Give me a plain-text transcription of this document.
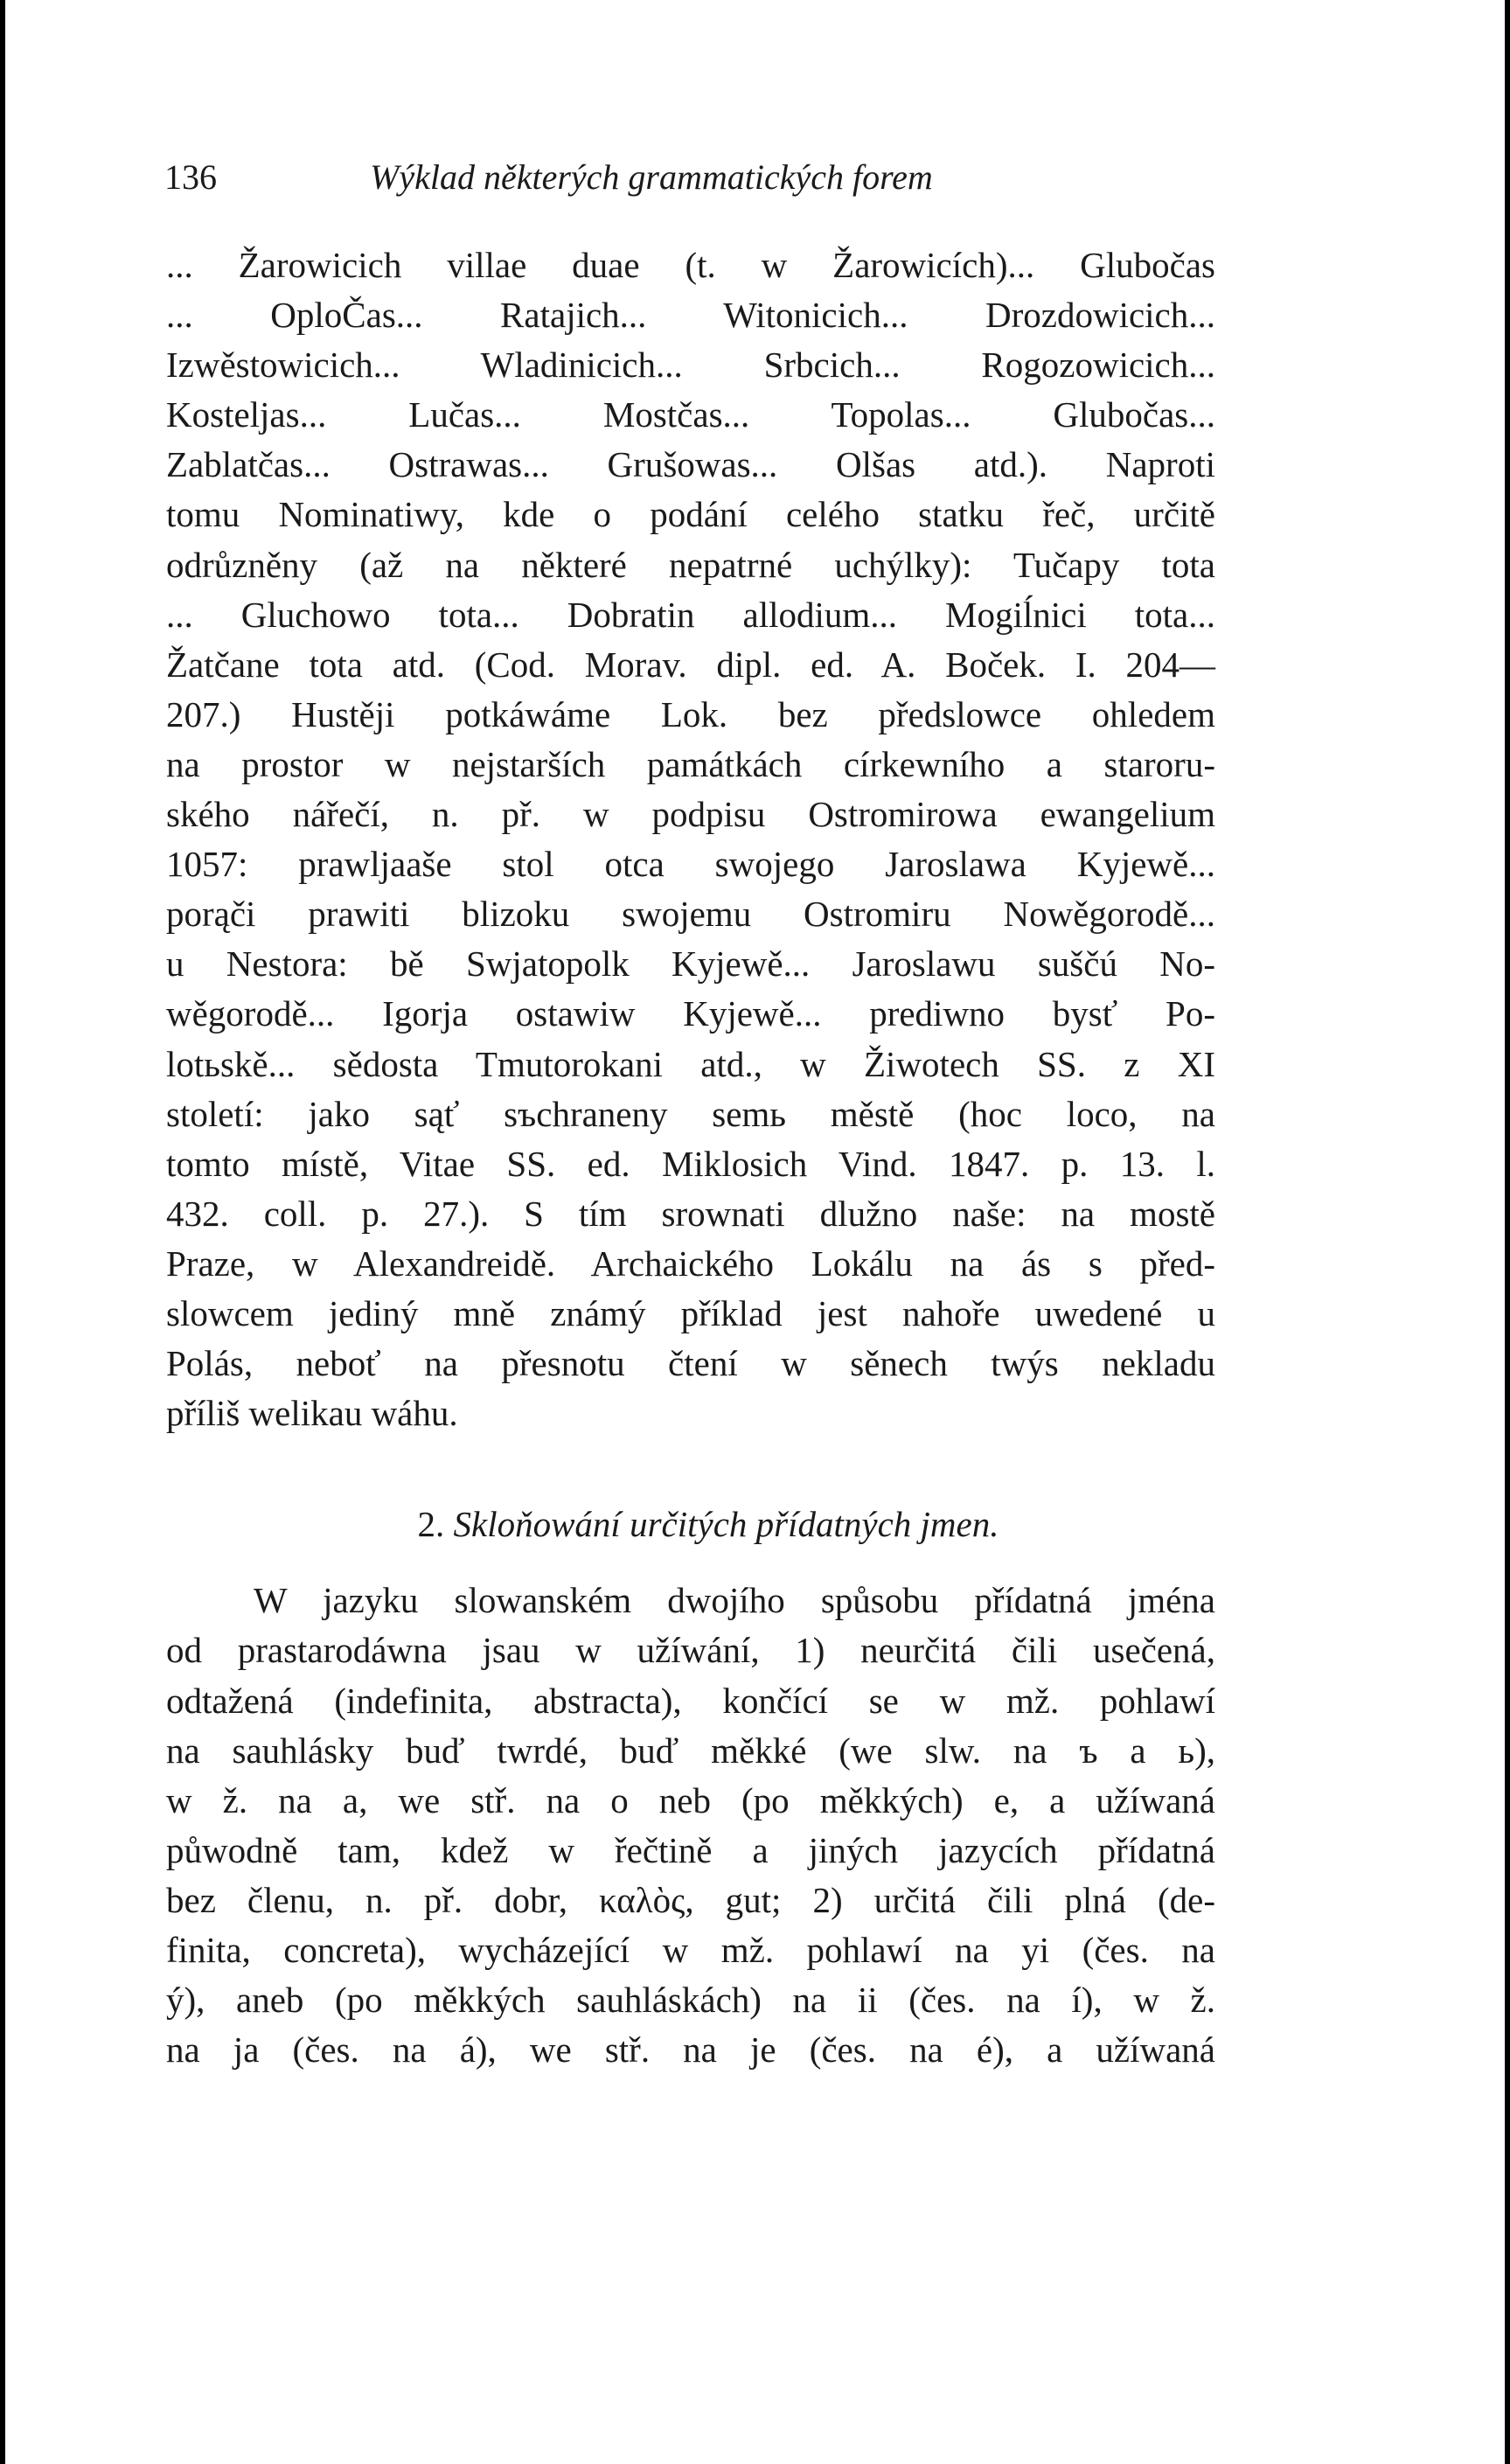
136	Wýklad některých grammatických forem
... Žarowicich villae duae (t. w Žarowicích)... Glubočas
... OploČas... Ratajich... Witonicich... Drozdowicich...
Izwěstowicich... Wladinicich... Srbcich... Rogozowicich...
Kosteljas... Lučas... Mostčas... Topolas... Glubočas...
Zablatčas... Ostrawas... Grušowas... Olšas atd.). Naproti
tomu Nominatiwy, kde o podání celého statku řeč, určitě
odrůzněny (až na některé nepatrné uchýlky): Tučapy tota
... Gluchowo tota... Dobratin allodium... Mogiĺnici tota...
Žatčane tota atd. (Cod. Morav. dipl. ed. A. Boček. I. 204—
207.) Hustěji potkáwáme Lok. bez předslowce ohledem
na prostor w nejstarších památkách církewního a staroru-
ského nářečí, n. př. w podpisu Ostromirowa ewangelium
1057: prawljaaše stol otca swojego Jaroslawa Kyjewě...
porąči prawiti blizoku swojemu Ostromiru Nowěgorodě...
u Nestora: bě Swjatopolk Kyjewě... Jaroslawu suščú No-
wěgorodě... Igorja ostawiw Kyjewě... prediwno bysť Po-
lotьskě... sědosta Tmutorokani atd., w Žiwotech SS. z XI
století: jako sąť sъchraneny semь městě (hoc loco, na
tomto místě, Vitae SS. ed. Miklosich Vind. 1847. p. 13. l.
432. coll. p. 27.). S tím srownati dlužno naše: na mostě
Praze, w Alexandreidě. Archaického Lokálu na ás s před-
slowcem jediný mně známý příklad jest nahoře uwedené u
Polás, neboť na přesnotu čtení w sěnech twýs nekladu
příliš welikau wáhu.
2. Skloňowání určitých přídatných jmen.
W jazyku slowanském dwojího spůsobu přídatná jména
od prastarodáwna jsau w užíwání, 1) neurčitá čili usečená,
odtažená (indefinita, abstracta), končící se w mž. pohlawí
na sauhlásky buď twrdé, buď měkké (we slw. na ъ a ь),
w ž. na a, we stř. na o neb (po měkkých) e, a užíwaná
půwodně tam, kdež w řečtině a jiných jazycích přídatná
bez členu, n. př. dobr, καλὸς, gut; 2) určitá čili plná (de-
finita, concreta), wycházející w mž. pohlawí na yi (čes. na
ý), aneb (po měkkých sauhláskách) na ii (čes. na í), w ž.
na ja (čes. na á), we stř. na je (čes. na é), a užíwaná
